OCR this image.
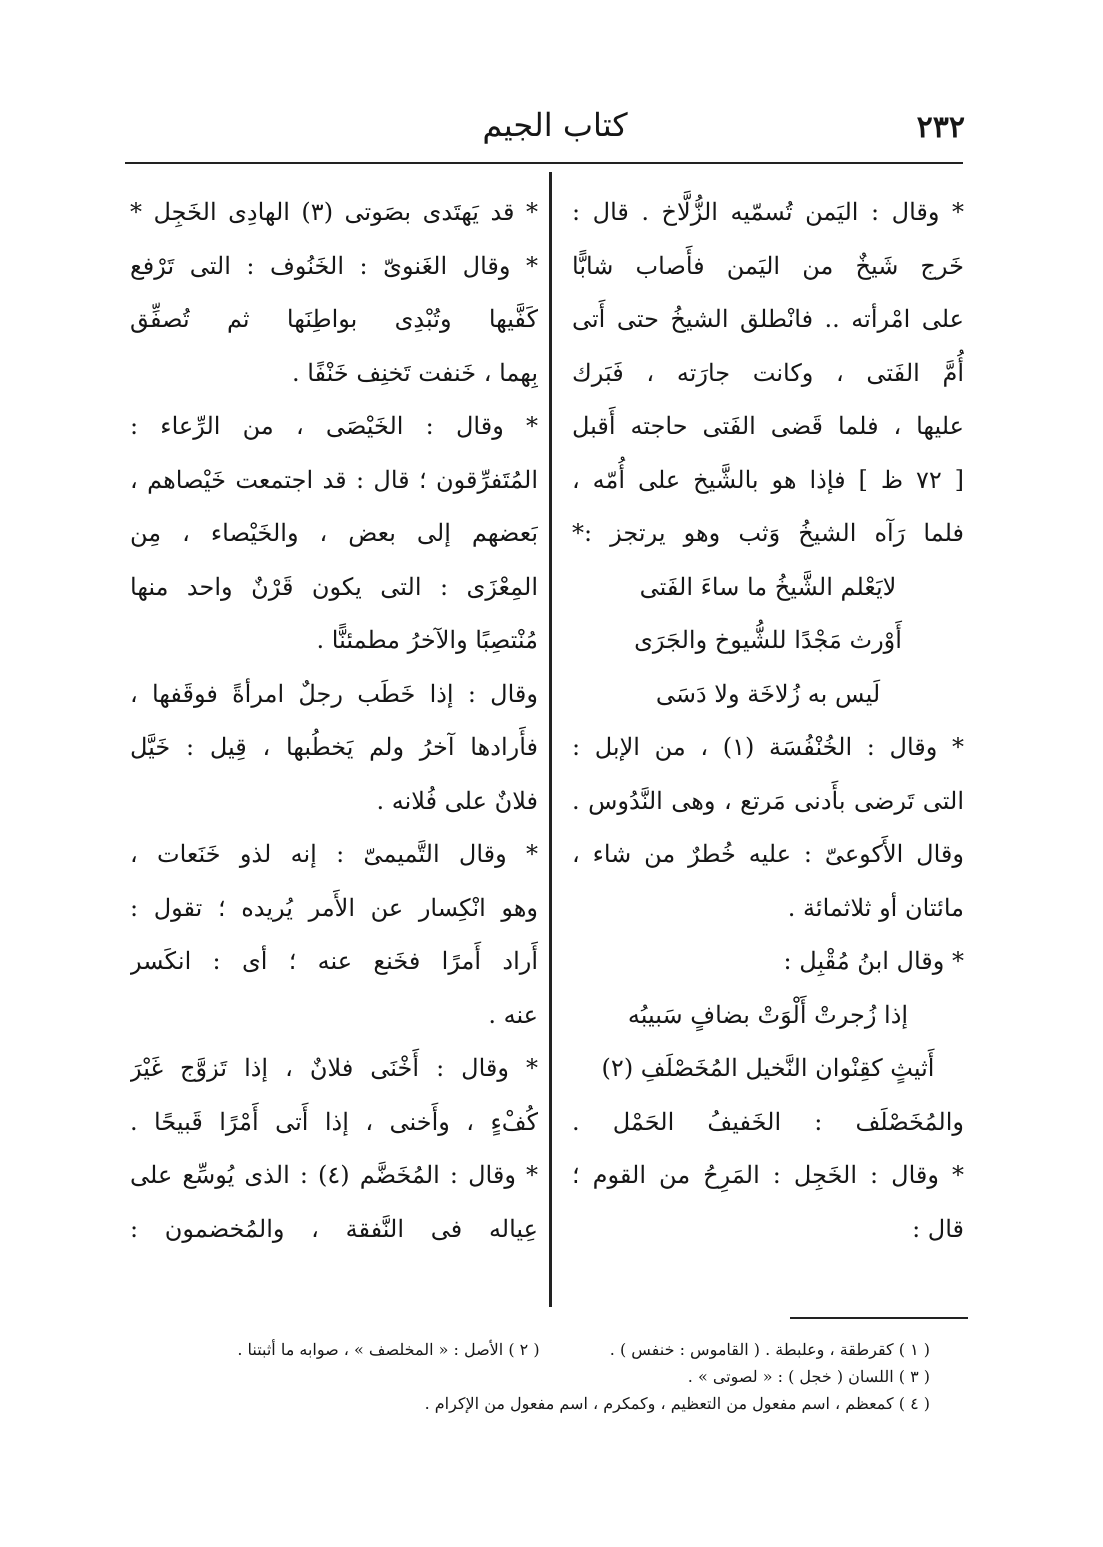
٢٣٢
كتاب الجيم
* وقال : اليَمن تُسمّيه الزُّلَّاخ . قال :
خَرج شَيخٌ من اليَمن فأَصاب شابًّا
على امْرأته .. فانْطلق الشيخُ حتى أَتى
أُمَّ الفَتى ، وكانت جارَته ، فَبَرك
عليها ، فلما قَضى الفَتى حاجته أَقبل
[ ٧٢ ظ ] فإذا هو بالشَّيخ على أُمّه ،
فلما رَآه الشيخُ وَثب وهو يرتجز :*
لايَعْلم الشَّيخُ ما ساءَ الفَتى
أَوْرث مَجْدًا للشُّيوخ والجَرَى
لَيس به زُلاخَة ولا دَسَى
* وقال : الخُنْفُسَة (١) ، من الإبل :
التى تَرضى بأَدنى مَرتع ، وهى النَّدُوس .
وقال الأَكوعىّ : عليه خُطرٌ من شاء ،
مائتان أو ثلاثمائة .
* وقال ابنُ مُقْبِل :
إذا زُجرتْ أَلْوَتْ بضافٍ سَبيبُه
أَثيثٍ كقِنْوان النَّخيل المُخَصْلَفِ (٢)
والمُخَصْلَف : الخَفيفُ الحَمْل .
* وقال : الخَجِل : المَرِحُ من القوم ؛
قال :
* قد يَهتَدى بصَوتى (٣) الهادِى الخَجِل *
* وقال الغَنوىّ : الخَنُوف : التى تَرْفع
كَفَّيها وتُبْدِى بواطِنَها ثم تُصفِّق
بِهما ، خَنفت تَخنِف خَنْفًا .
* وقال : الخَيْصَى ، من الرِّعاء :
المُتَفرِّقون ؛ قال : قد اجتمعت خَيْصاهم ،
بَعضهم إلى بعض ، والخَيْصاء ، مِن
المِعْزَى : التى يكون قَرْنٌ واحد منها
مُنْتصِبًا والآخرُ مطمئنًّا .
وقال : إذا خَطَب رجلٌ امرأةً فوقَفها ،
فأَرادها آخرُ ولم يَخطُبها ، قِيل : خَيَّل
فلانٌ على فُلانه .
* وقال التَّميمىّ : إنه لذو خَنَعات ،
وهو انْكِسار عن الأَمر يُريده ؛ تقول :
أَراد أَمرًا فخَنع عنه ؛ أى : انكَسر
عنه .
* وقال : أَخْنَى فلانٌ ، إذا تَزوَّج غَيْرَ
كُفْءٍ ، وأَخنى ، إذا أَتى أَمْرًا قَبيحًا .
* وقال : المُخَضَّم (٤) : الذى يُوسِّع على
عِياله فى النَّفقة ، والمُخضمون :
( ١ ) كقرطقة ، وعلبطة . ( القاموس : خنفس ) .  ( ٢ ) الأصل : « المخلصف » ، صوابه ما أثبتنا .
( ٣ ) اللسان ( خجل ) : « لصوتى » .
( ٤ ) كمعظم ، اسم مفعول من التعظيم ، وكمكرم ، اسم مفعول من الإكرام .
